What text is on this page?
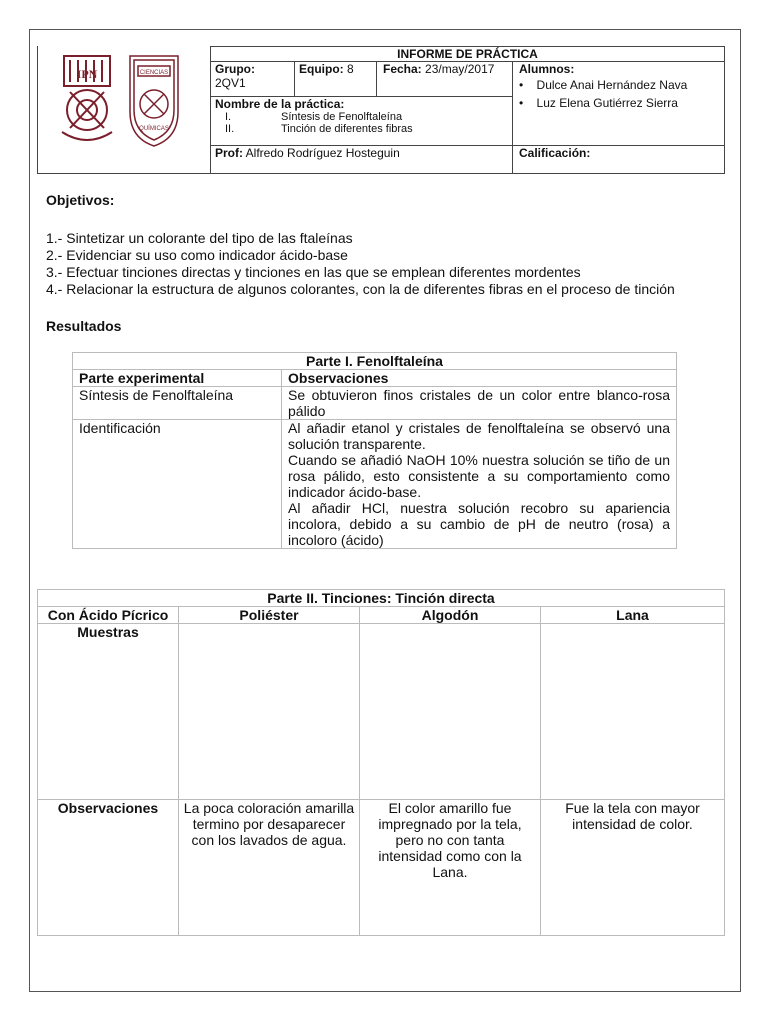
IPN	CIENCIAS
QUÍMICAS
INFORME DE PRÁCTICA
Grupo:
2QV1
Equipo: 8	Fecha: 23/may/2017	Alumnos:
•    Dulce Anai Hernández Nava
•    Luz Elena Gutiérrez Sierra
Nombre de la práctica:
I.	Síntesis de Fenolftaleína
II.	Tinción de diferentes fibras
Prof: Alfredo Rodríguez Hosteguin	Calificación:
Objetivos:
1.- Sintetizar un colorante del tipo de las ftaleínas
2.- Evidenciar su uso como indicador ácido-base
3.- Efectuar tinciones directas y tinciones en las que se emplean diferentes mordentes
4.- Relacionar la estructura de algunos colorantes, con la de diferentes fibras en el proceso de tinción
Resultados
Parte I. Fenolftaleína	
Parte experimental	Observaciones
Síntesis de Fenolftaleína	Se obtuvieron finos cristales de un color entre blanco-rosa pálido
Identificación	Al añadir etanol y cristales de fenolftaleína se observó una solución transparente.
Cuando se añadió NaOH 10% nuestra solución se tiño de un rosa pálido, esto consistente a su comportamiento como indicador ácido-base.
Al añadir HCl, nuestra solución recobro su apariencia incolora, debido a su cambio de pH de neutro (rosa) a incoloro (ácido)
Parte II. Tinciones: Tinción directa			
Con Ácido Pícrico	Poliéster	Algodón	Lana
Muestras			
Observaciones	La poca coloración amarilla termino por desaparecer con los lavados de agua.	El color amarillo fue impregnado por la tela, pero no con tanta intensidad como con la Lana.	Fue la tela con mayor intensidad de color.
